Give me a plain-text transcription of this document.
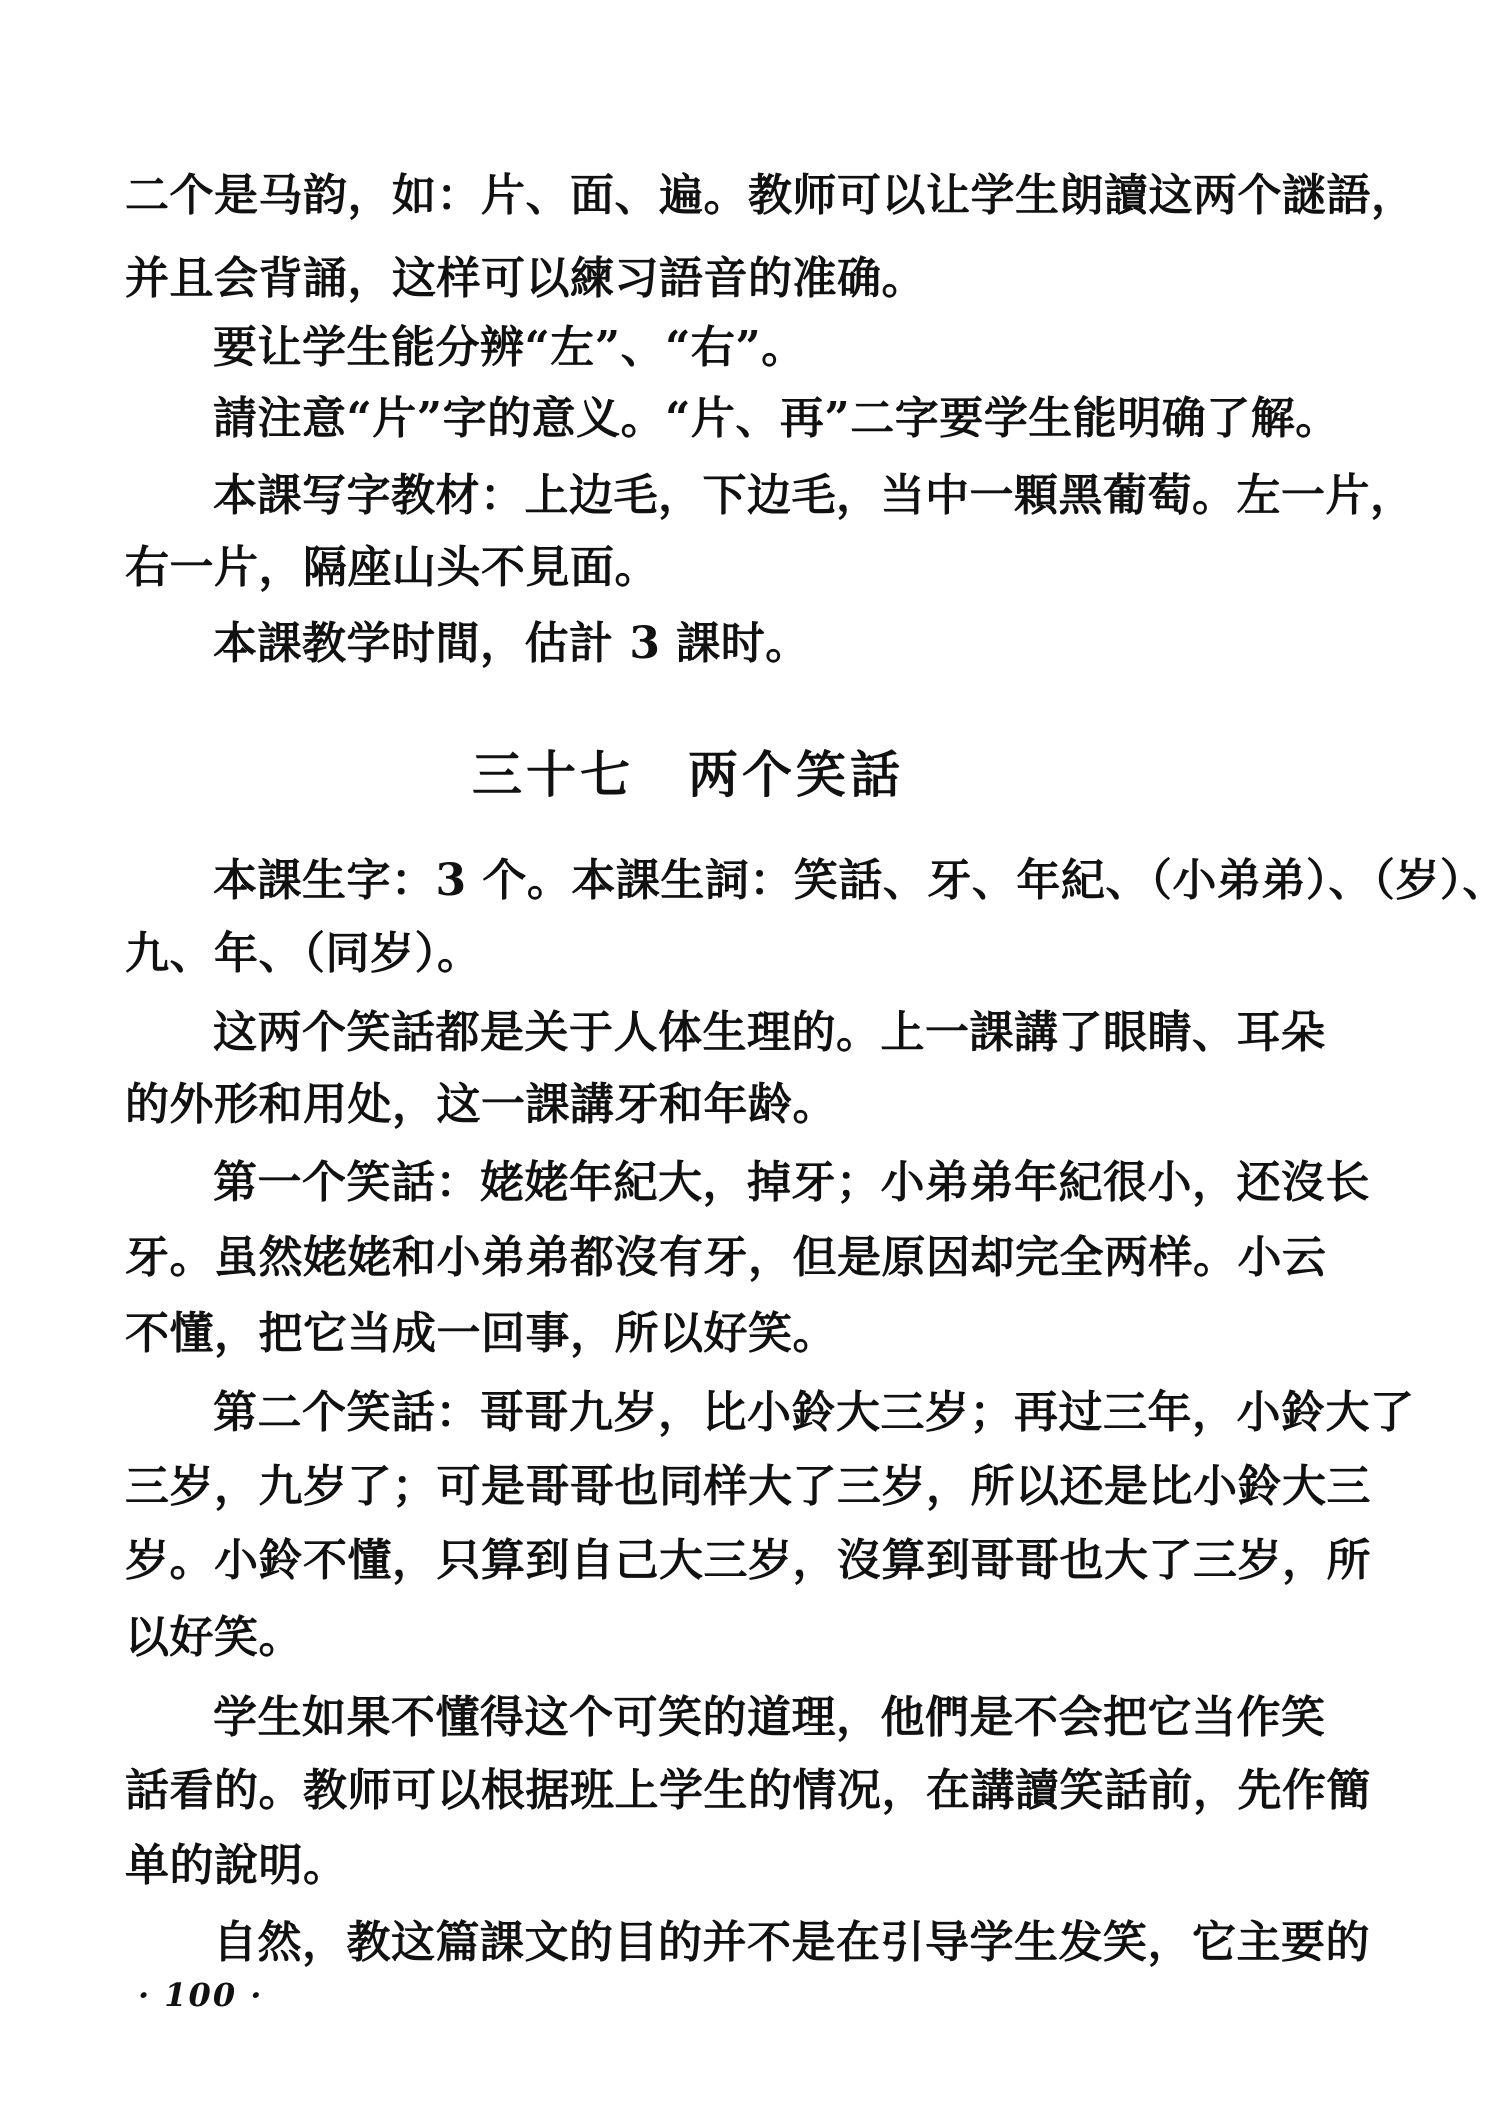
二个是马韵，如：片、面、遍。教师可以让学生朗讀这两个謎語，
并且会背誦，这样可以練习語音的准确。
要让学生能分辨“左”、“右”。
請注意“片”字的意义。“片、再”二字要学生能明确了解。
本課写字教材：上边毛，下边毛，当中一顆黑葡萄。左一片，
右一片，隔座山头不見面。
本課教学时間，估計 3 課时。
三十七　两个笑話
本課生字：3 个。本課生詞：笑話、牙、年紀、（小弟弟）、（岁）、
九、年、（同岁）。
这两个笑話都是关于人体生理的。上一課講了眼睛、耳朵
的外形和用处，这一課講牙和年龄。
第一个笑話：姥姥年紀大，掉牙；小弟弟年紀很小，还沒长
牙。虽然姥姥和小弟弟都沒有牙，但是原因却完全两样。小云
不懂，把它当成一回事，所以好笑。
第二个笑話：哥哥九岁，比小鈴大三岁；再过三年，小鈴大了
三岁，九岁了；可是哥哥也同样大了三岁，所以还是比小鈴大三
岁。小鈴不懂，只算到自己大三岁，沒算到哥哥也大了三岁，所
以好笑。
学生如果不懂得这个可笑的道理，他們是不会把它当作笑
話看的。教师可以根据班上学生的情况，在講讀笑話前，先作簡
单的說明。
自然，教这篇課文的目的并不是在引导学生发笑，它主要的
· 100 ·
